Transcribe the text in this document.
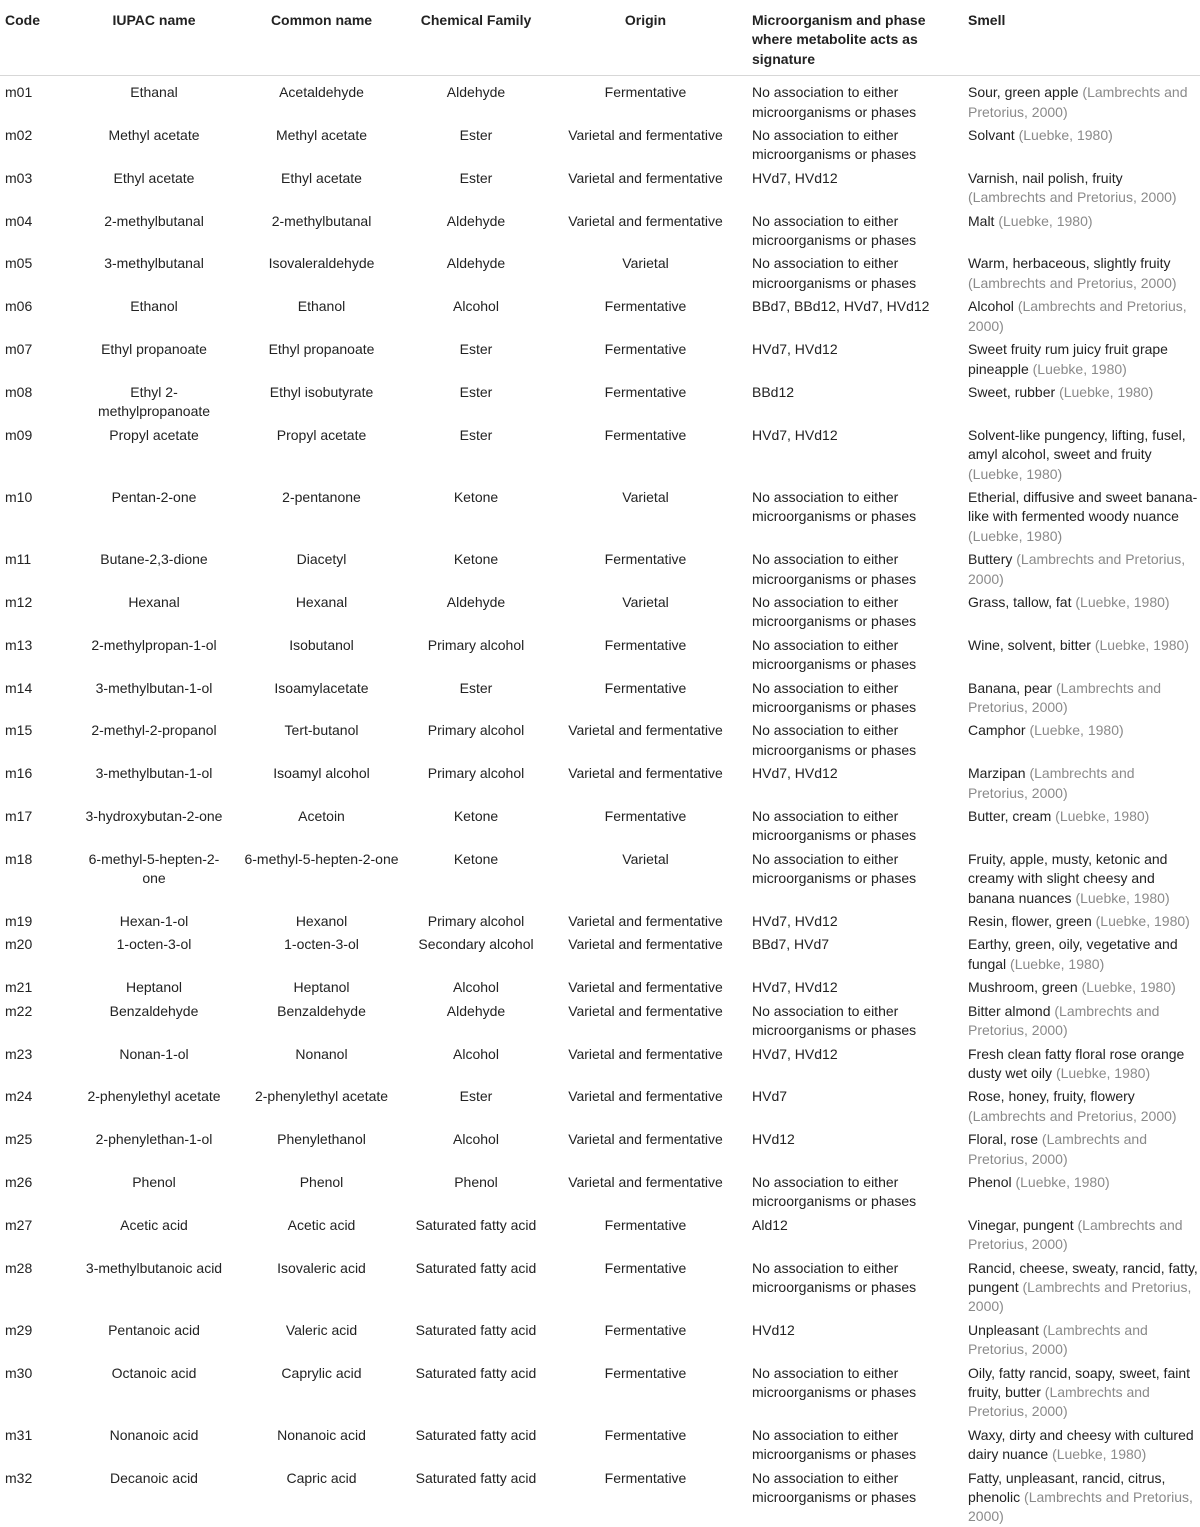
Code	IUPAC name	Common name	Chemical Family	Origin	Microorganism and phase where metabolite acts as signature	Smell
m01	Ethanal	Acetaldehyde	Aldehyde	Fermentative	No association to either microorganisms or phases	Sour, green apple (Lambrechts and Pretorius, 2000)
m02	Methyl acetate	Methyl acetate	Ester	Varietal and fermentative	No association to either microorganisms or phases	Solvant (Luebke, 1980)
m03	Ethyl acetate	Ethyl acetate	Ester	Varietal and fermentative	HVd7, HVd12	Varnish, nail polish, fruity (Lambrechts and Pretorius, 2000)
m04	2-methylbutanal	2-methylbutanal	Aldehyde	Varietal and fermentative	No association to either microorganisms or phases	Malt (Luebke, 1980)
m05	3-methylbutanal	Isovaleraldehyde	Aldehyde	Varietal	No association to either microorganisms or phases	Warm, herbaceous, slightly fruity (Lambrechts and Pretorius, 2000)
m06	Ethanol	Ethanol	Alcohol	Fermentative	BBd7, BBd12, HVd7, HVd12	Alcohol (Lambrechts and Pretorius, 2000)
m07	Ethyl propanoate	Ethyl propanoate	Ester	Fermentative	HVd7, HVd12	Sweet fruity rum juicy fruit grape pineapple (Luebke, 1980)
m08	Ethyl 2-methylpropanoate	Ethyl isobutyrate	Ester	Fermentative	BBd12	Sweet, rubber (Luebke, 1980)
m09	Propyl acetate	Propyl acetate	Ester	Fermentative	HVd7, HVd12	Solvent-like pungency, lifting, fusel, amyl alcohol, sweet and fruity (Luebke, 1980)
m10	Pentan-2-one	2-pentanone	Ketone	Varietal	No association to either microorganisms or phases	Etherial, diffusive and sweet banana-like with fermented woody nuance (Luebke, 1980)
m11	Butane-2,3-dione	Diacetyl	Ketone	Fermentative	No association to either microorganisms or phases	Buttery (Lambrechts and Pretorius, 2000)
m12	Hexanal	Hexanal	Aldehyde	Varietal	No association to either microorganisms or phases	Grass, tallow, fat (Luebke, 1980)
m13	2-methylpropan-1-ol	Isobutanol	Primary alcohol	Fermentative	No association to either microorganisms or phases	Wine, solvent, bitter (Luebke, 1980)
m14	3-methylbutan-1-ol	Isoamylacetate	Ester	Fermentative	No association to either microorganisms or phases	Banana, pear (Lambrechts and Pretorius, 2000)
m15	2-methyl-2-propanol	Tert-butanol	Primary alcohol	Varietal and fermentative	No association to either microorganisms or phases	Camphor (Luebke, 1980)
m16	3-methylbutan-1-ol	Isoamyl alcohol	Primary alcohol	Varietal and fermentative	HVd7, HVd12	Marzipan (Lambrechts and Pretorius, 2000)
m17	3-hydroxybutan-2-one	Acetoin	Ketone	Fermentative	No association to either microorganisms or phases	Butter, cream (Luebke, 1980)
m18	6-methyl-5-hepten-2-one	6-methyl-5-hepten-2-one	Ketone	Varietal	No association to either microorganisms or phases	Fruity, apple, musty, ketonic and creamy with slight cheesy and banana nuances (Luebke, 1980)
m19	Hexan-1-ol	Hexanol	Primary alcohol	Varietal and fermentative	HVd7, HVd12	Resin, flower, green (Luebke, 1980)
m20	1-octen-3-ol	1-octen-3-ol	Secondary alcohol	Varietal and fermentative	BBd7, HVd7	Earthy, green, oily, vegetative and fungal (Luebke, 1980)
m21	Heptanol	Heptanol	Alcohol	Varietal and fermentative	HVd7, HVd12	Mushroom, green (Luebke, 1980)
m22	Benzaldehyde	Benzaldehyde	Aldehyde	Varietal and fermentative	No association to either microorganisms or phases	Bitter almond (Lambrechts and Pretorius, 2000)
m23	Nonan-1-ol	Nonanol	Alcohol	Varietal and fermentative	HVd7, HVd12	Fresh clean fatty floral rose orange dusty wet oily (Luebke, 1980)
m24	2-phenylethyl acetate	2-phenylethyl acetate	Ester	Varietal and fermentative	HVd7	Rose, honey, fruity, flowery (Lambrechts and Pretorius, 2000)
m25	2-phenylethan-1-ol	Phenylethanol	Alcohol	Varietal and fermentative	HVd12	Floral, rose (Lambrechts and Pretorius, 2000)
m26	Phenol	Phenol	Phenol	Varietal and fermentative	No association to either microorganisms or phases	Phenol (Luebke, 1980)
m27	Acetic acid	Acetic acid	Saturated fatty acid	Fermentative	Ald12	Vinegar, pungent (Lambrechts and Pretorius, 2000)
m28	3-methylbutanoic acid	Isovaleric acid	Saturated fatty acid	Fermentative	No association to either microorganisms or phases	Rancid, cheese, sweaty, rancid, fatty, pungent (Lambrechts and Pretorius, 2000)
m29	Pentanoic acid	Valeric acid	Saturated fatty acid	Fermentative	HVd12	Unpleasant (Lambrechts and Pretorius, 2000)
m30	Octanoic acid	Caprylic acid	Saturated fatty acid	Fermentative	No association to either microorganisms or phases	Oily, fatty rancid, soapy, sweet, faint fruity, butter (Lambrechts and Pretorius, 2000)
m31	Nonanoic acid	Nonanoic acid	Saturated fatty acid	Fermentative	No association to either microorganisms or phases	Waxy, dirty and cheesy with cultured dairy nuance (Luebke, 1980)
m32	Decanoic acid	Capric acid	Saturated fatty acid	Fermentative	No association to either microorganisms or phases	Fatty, unpleasant, rancid, citrus, phenolic (Lambrechts and Pretorius, 2000)
